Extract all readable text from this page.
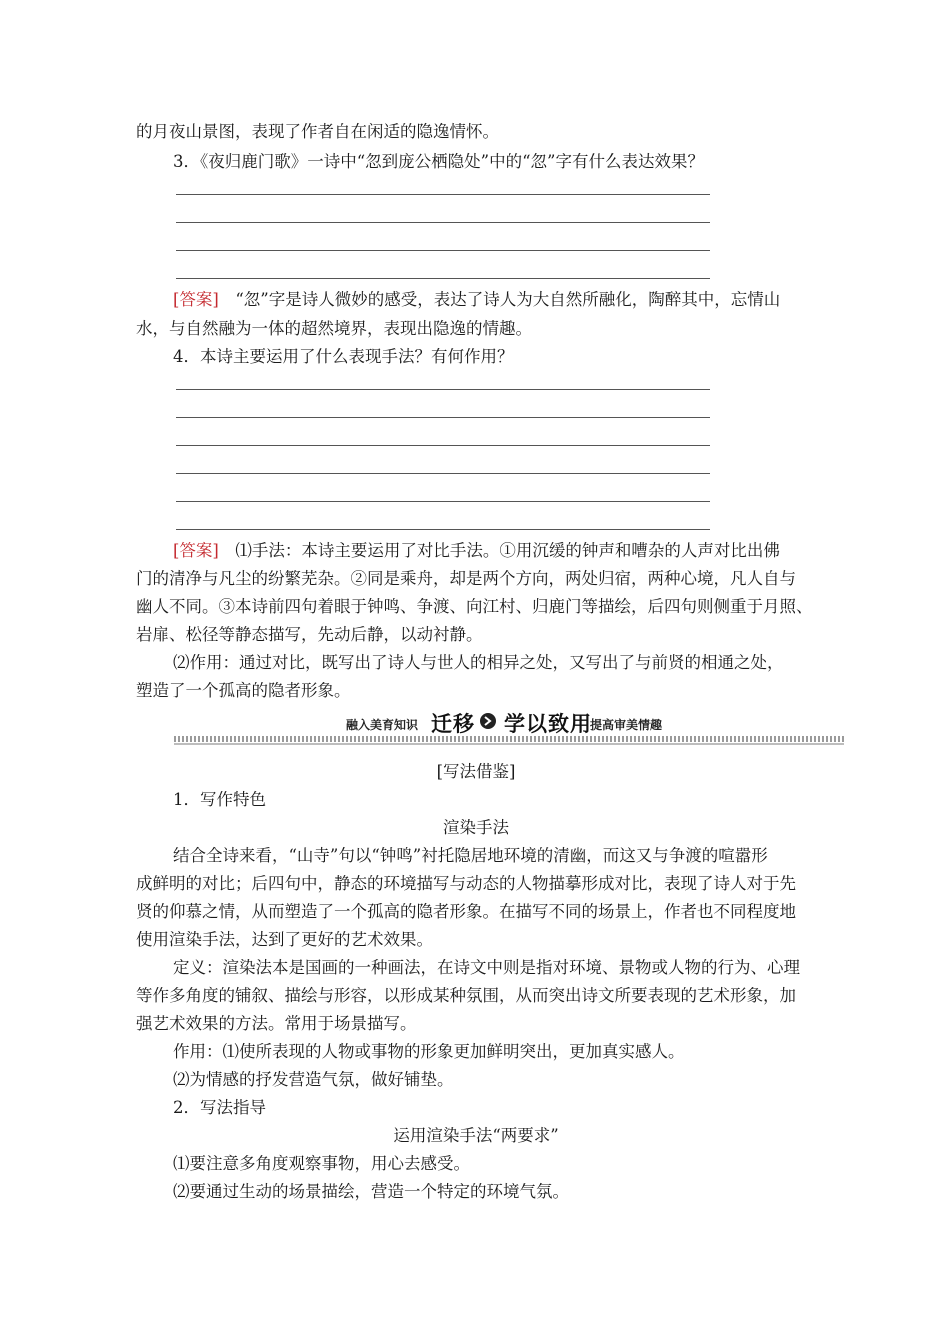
的月夜山景图，表现了作者自在闲适的隐逸情怀。
3．《夜归鹿门歌》一诗中“忽到庞公栖隐处”中的“忽”字有什么表达效果？
[答案]　 “忽”字是诗人微妙的感受，表达了诗人为大自然所融化，陶醉其中，忘情山
水，与自然融为一体的超然境界，表现出隐逸的情趣。
4．本诗主要运用了什么表现手法？有何作用？
[答案]　 ⑴手法：本诗主要运用了对比手法。①用沉缓的钟声和嘈杂的人声对比出佛
门的清净与凡尘的纷繁芜杂。②同是乘舟，却是两个方向，两处归宿，两种心境，凡人自与
幽人不同。③本诗前四句着眼于钟鸣、争渡、向江村、归鹿门等描绘，后四句则侧重于月照、
岩扉、松径等静态描写，先动后静，以动衬静。
⑵作用：通过对比，既写出了诗人与世人的相异之处，又写出了与前贤的相通之处，
塑造了一个孤高的隐者形象。
融入美育知识 迁移 学以致用
提高审美情趣
[写法借鉴]
1．写作特色
渲染手法
结合全诗来看，“山寺”句以“钟鸣”衬托隐居地环境的清幽，而这又与争渡的喧嚣形
成鲜明的对比；后四句中，静态的环境描写与动态的人物描摹形成对比，表现了诗人对于先
贤的仰慕之情，从而塑造了一个孤高的隐者形象。在描写不同的场景上，作者也不同程度地
使用渲染手法，达到了更好的艺术效果。
定义：渲染法本是国画的一种画法，在诗文中则是指对环境、景物或人物的行为、心理
等作多角度的铺叙、描绘与形容，以形成某种氛围，从而突出诗文所要表现的艺术形象，加
强艺术效果的方法。常用于场景描写。
作用：⑴使所表现的人物或事物的形象更加鲜明突出，更加真实感人。
⑵为情感的抒发营造气氛，做好铺垫。
2．写法指导
运用渲染手法“两要求”
⑴要注意多角度观察事物，用心去感受。
⑵要通过生动的场景描绘，营造一个特定的环境气氛。
